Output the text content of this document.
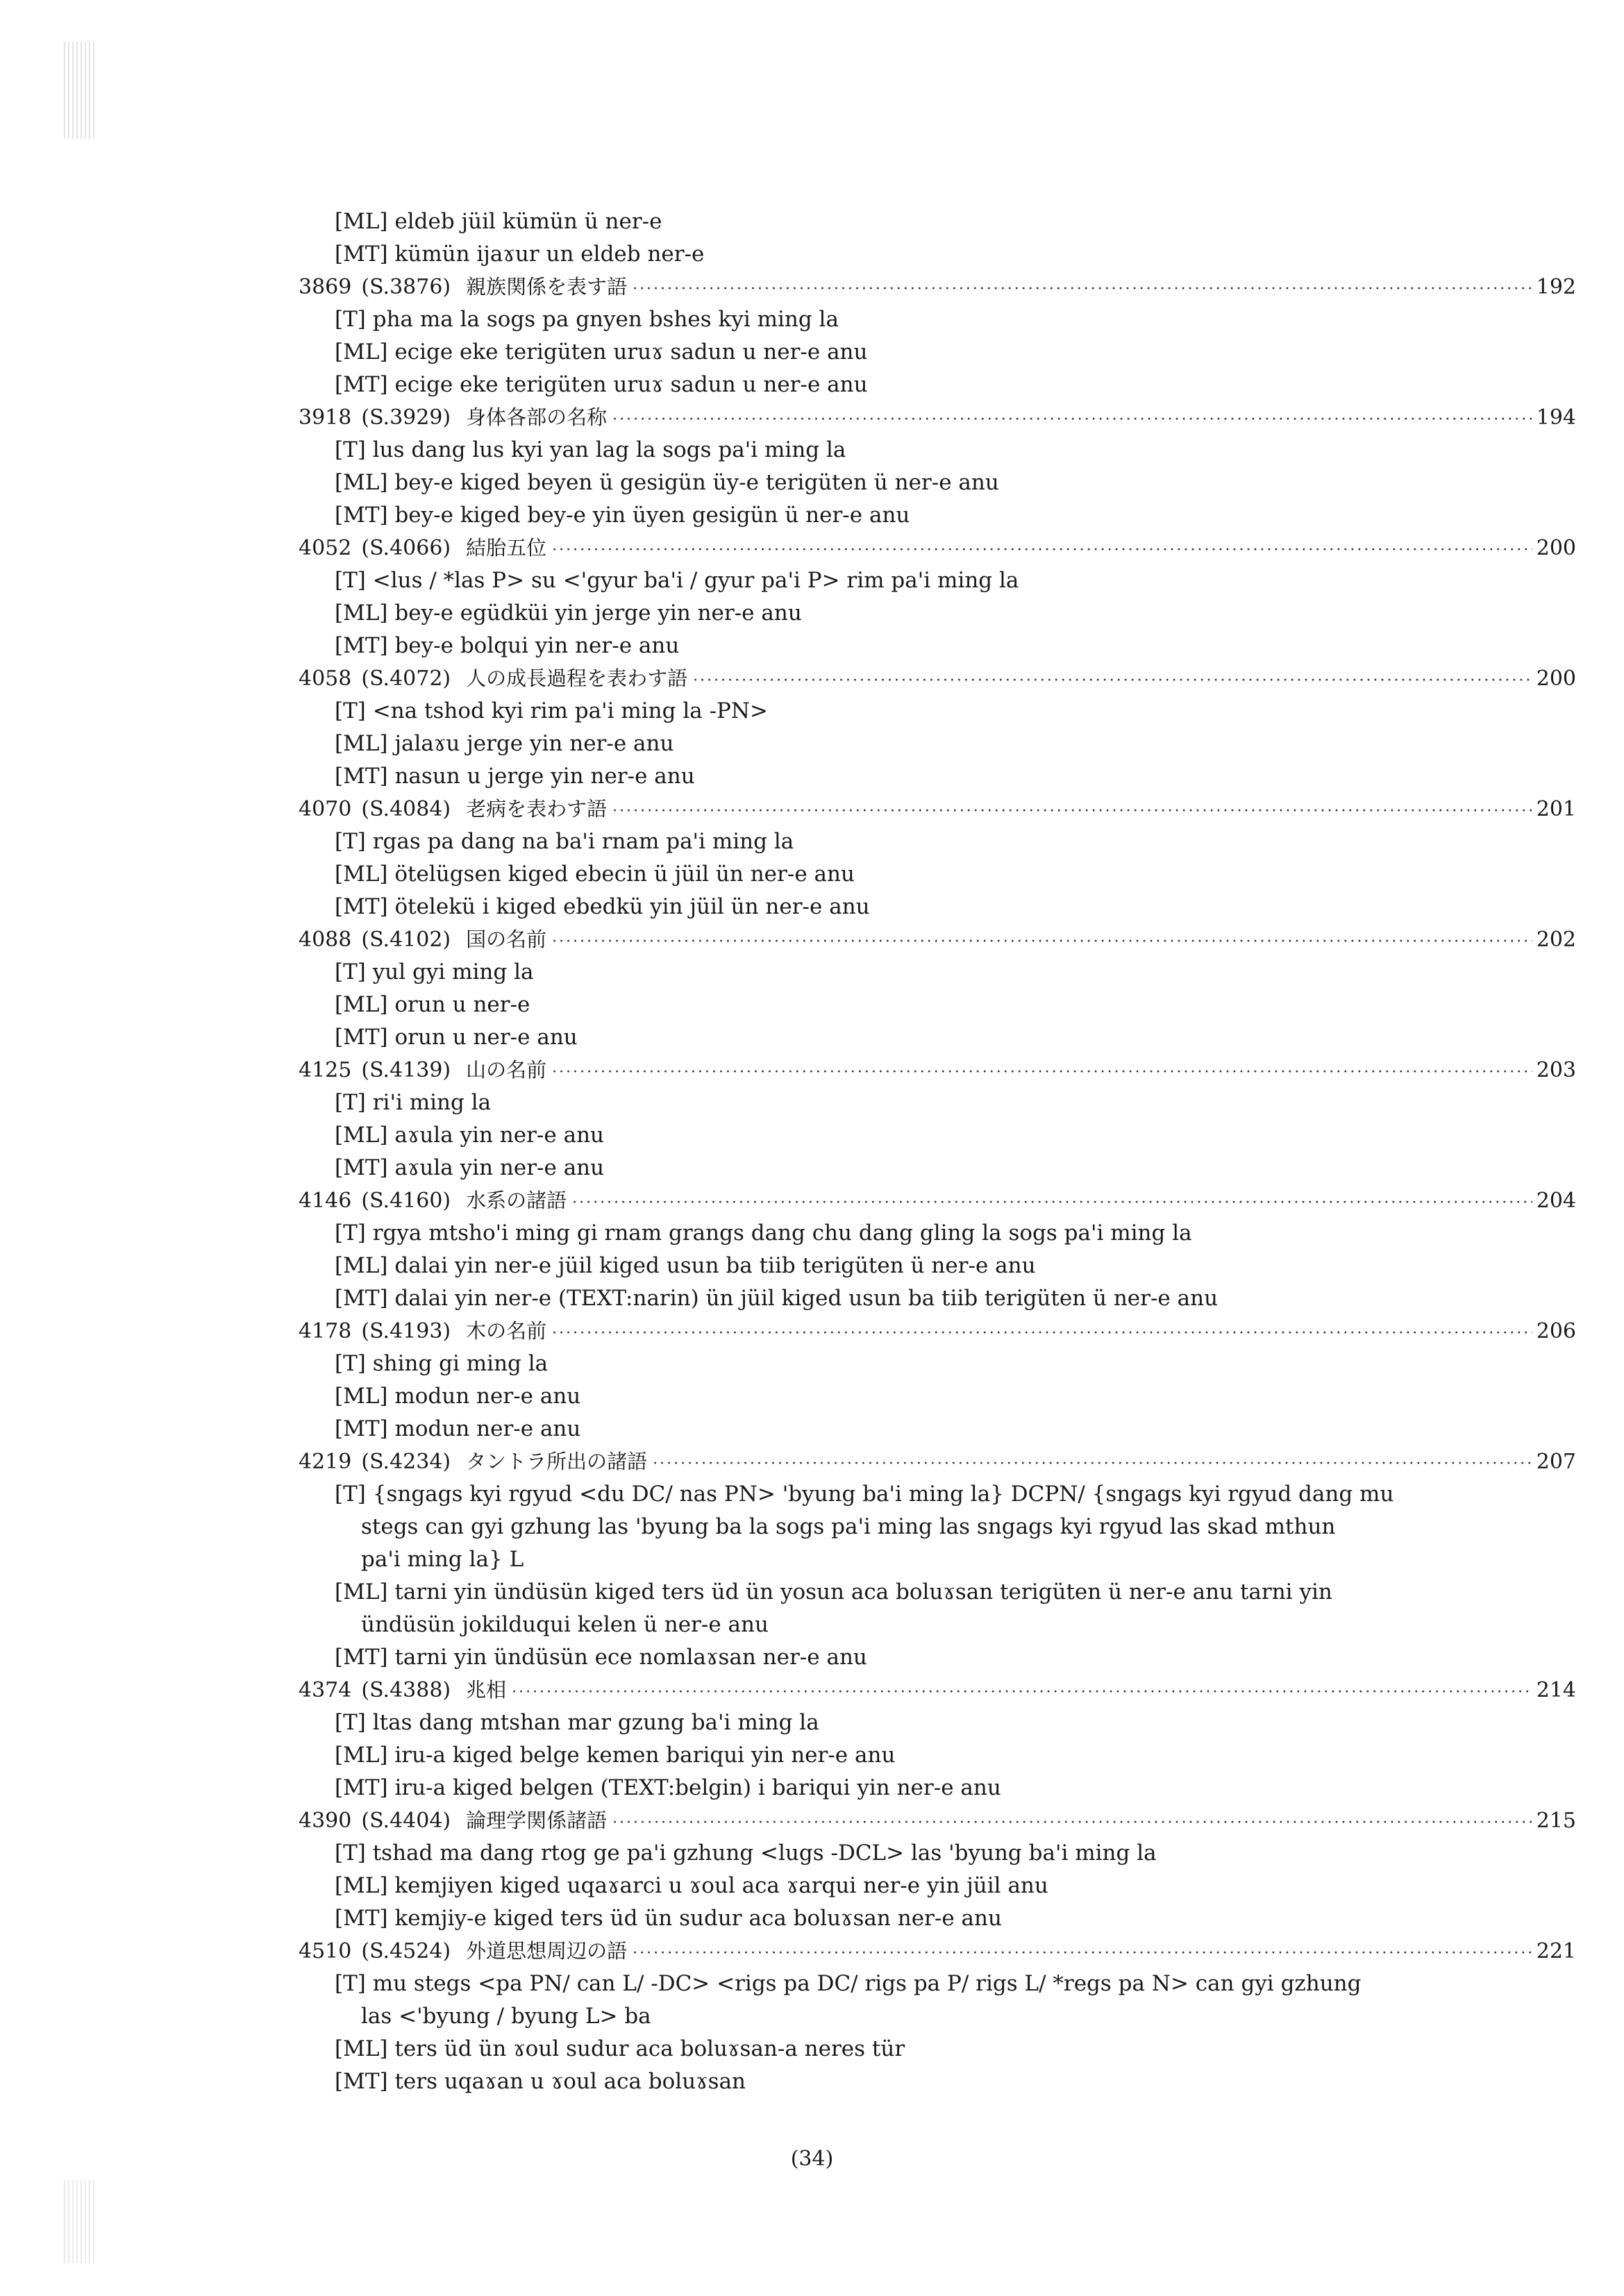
[ML] eldeb jüil kümün ü ner-e
[MT] kümün ijaɤur un eldeb ner-e
3869 (S.3876) 親族関係を表す語 ·····	192
[T] pha ma la sogs pa gnyen bshes kyi ming la
[ML] ecige eke terigüten uruɤ sadun u ner-e anu
[MT] ecige eke terigüten uruɤ sadun u ner-e anu
3918 (S.3929) 身体各部の名称 ·····	194
[T] lus dang lus kyi yan lag la sogs pa'i ming la
[ML] bey-e kiged beyen ü gesigün üy-e terigüten ü ner-e anu
[MT] bey-e kiged bey-e yin üyen gesigün ü ner-e anu
4052 (S.4066) 結胎五位 ·····	200
[T] <lus / *las P> su <'gyur ba'i / gyur pa'i P> rim pa'i ming la
[ML] bey-e egüdküi yin jerge yin ner-e anu
[MT] bey-e bolqui yin ner-e anu
4058 (S.4072) 人の成長過程を表わす語 ·····	200
[T] <na tshod kyi rim pa'i ming la -PN>
[ML] jalaɤu jerge yin ner-e anu
[MT] nasun u jerge yin ner-e anu
4070 (S.4084) 老病を表わす語 ·····	201
[T] rgas pa dang na ba'i rnam pa'i ming la
[ML] ötelügsen kiged ebecin ü jüil ün ner-e anu
[MT] ötelekü i kiged ebedkü yin jüil ün ner-e anu
4088 (S.4102) 国の名前 ·····	202
[T] yul gyi ming la
[ML] orun u ner-e
[MT] orun u ner-e anu
4125 (S.4139) 山の名前 ·····	203
[T] ri'i ming la
[ML] aɤula yin ner-e anu
[MT] aɤula yin ner-e anu
4146 (S.4160) 水系の諸語 ·····	204
[T] rgya mtsho'i ming gi rnam grangs dang chu dang gling la sogs pa'i ming la
[ML] dalai yin ner-e jüil kiged usun ba tiib terigüten ü ner-e anu
[MT] dalai yin ner-e (TEXT:narin) ün jüil kiged usun ba tiib terigüten ü ner-e anu
4178 (S.4193) 木の名前 ·····	206
[T] shing gi ming la
[ML] modun ner-e anu
[MT] modun ner-e anu
4219 (S.4234) タントラ所出の諸語 ·····	207
[T] {sngags kyi rgyud <du DC/ nas PN> 'byung ba'i ming la} DCPN/ {sngags kyi rgyud dang mu
stegs can gyi gzhung las 'byung ba la sogs pa'i ming las sngags kyi rgyud las skad mthun
pa'i ming la} L
[ML] tarni yin ündüsün kiged ters üd ün yosun aca boluɤsan terigüten ü ner-e anu tarni yin
ündüsün jokilduqui kelen ü ner-e anu
[MT] tarni yin ündüsün ece nomlaɤsan ner-e anu
4374 (S.4388) 兆相 ·····	214
[T] ltas dang mtshan mar gzung ba'i ming la
[ML] iru-a kiged belge kemen bariqui yin ner-e anu
[MT] iru-a kiged belgen (TEXT:belgin) i bariqui yin ner-e anu
4390 (S.4404) 論理学関係諸語 ·····	215
[T] tshad ma dang rtog ge pa'i gzhung <lugs -DCL> las 'byung ba'i ming la
[ML] kemjiyen kiged uqaɤarci u ɤoul aca ɤarqui ner-e yin jüil anu
[MT] kemjiy-e kiged ters üd ün sudur aca boluɤsan ner-e anu
4510 (S.4524) 外道思想周辺の語 ·····	221
[T] mu stegs <pa PN/ can L/ -DC> <rigs pa DC/ rigs pa P/ rigs L/ *regs pa N> can gyi gzhung
las <'byung / byung L> ba
[ML] ters üd ün ɤoul sudur aca boluɤsan-a neres tür
[MT] ters uqaɤan u ɤoul aca boluɤsan
(34)
